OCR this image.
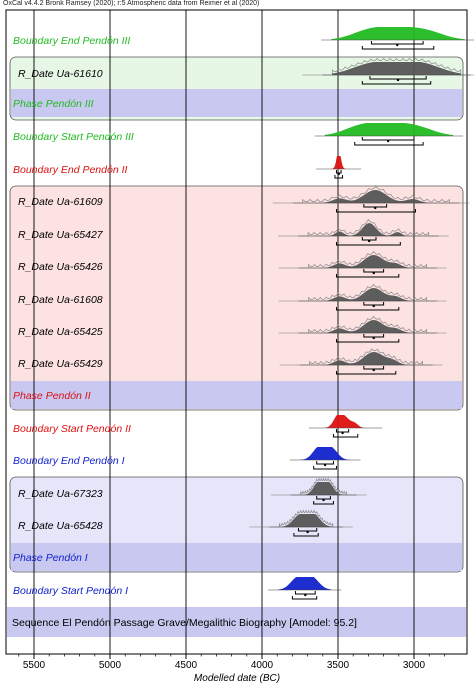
OxCal v4.4.2 Bronk Ramsey (2020); r:5 Atmospheric data from Reimer et al (2020)
5500	5000	4500	4000	3500	3000
Boundary End Pendón III
R_Date Ua-61610
Phase Pendón III
Boundary Start Pendón III
Boundary End Pendón II
R_Date Ua-61609
R_Date Ua-65427
R_Date Ua-65426
R_Date Ua-61608
R_Date Ua-65425
R_Date Ua-65429
Phase Pendón II
Boundary Start Pendón II
Boundary End Pendón I
R_Date Ua-67323
R_Date Ua-65428
Phase Pendón I
Boundary Start Pendón I
Sequence El Pendón Passage Grave/Megalithic Biography [Amodel: 95.2]
Modelled date (BC)
